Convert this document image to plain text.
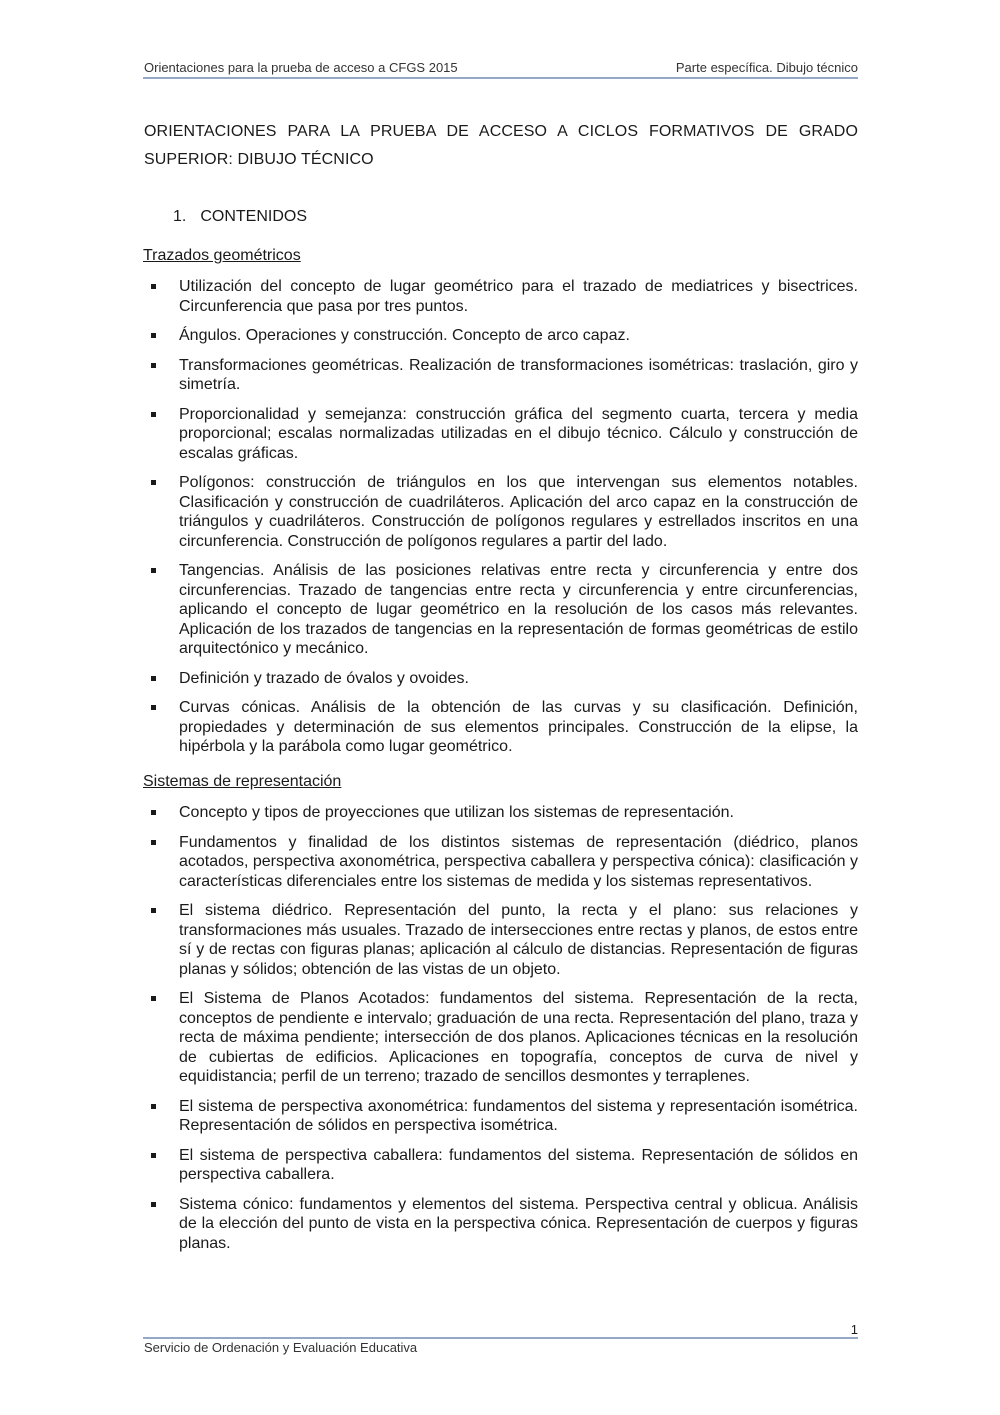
Orientaciones para la prueba de acceso a CFGS 2015	Parte específica. Dibujo técnico
ORIENTACIONES PARA LA PRUEBA DE ACCESO A CICLOS FORMATIVOS DE GRADO SUPERIOR: DIBUJO TÉCNICO
1. CONTENIDOS
Trazados geométricos
Utilización del concepto de lugar geométrico para el trazado de mediatrices y bisectrices. Circunferencia que pasa por tres puntos.
Ángulos. Operaciones y construcción. Concepto de arco capaz.
Transformaciones geométricas. Realización de transformaciones isométricas: traslación, giro y simetría.
Proporcionalidad y semejanza: construcción gráfica del segmento cuarta, tercera y media proporcional; escalas normalizadas utilizadas en el dibujo técnico. Cálculo y construcción de escalas gráficas.
Polígonos: construcción de triángulos en los que intervengan sus elementos notables. Clasificación y construcción de cuadriláteros. Aplicación del arco capaz en la construcción de triángulos y cuadriláteros. Construcción de polígonos regulares y estrellados inscritos en una circunferencia. Construcción de polígonos regulares a partir del lado.
Tangencias. Análisis de las posiciones relativas entre recta y circunferencia y entre dos circunferencias. Trazado de tangencias entre recta y circunferencia y entre circunferencias, aplicando el concepto de lugar geométrico en la resolución de los casos más relevantes. Aplicación de los trazados de tangencias en la representación de formas geométricas de estilo arquitectónico y mecánico.
Definición y trazado de óvalos y ovoides.
Curvas cónicas. Análisis de la obtención de las curvas y su clasificación. Definición, propiedades y determinación de sus elementos principales. Construcción de la elipse, la hipérbola y la parábola como lugar geométrico.
Sistemas de representación
Concepto y tipos de proyecciones que utilizan los sistemas de representación.
Fundamentos y finalidad de los distintos sistemas de representación (diédrico, planos acotados, perspectiva axonométrica, perspectiva caballera y perspectiva cónica): clasificación y características diferenciales entre los sistemas de medida y los sistemas representativos.
El sistema diédrico. Representación del punto, la recta y el plano: sus relaciones y transformaciones más usuales. Trazado de intersecciones entre rectas y planos, de estos entre sí y de rectas con figuras planas; aplicación al cálculo de distancias. Representación de figuras planas y sólidos; obtención de las vistas de un objeto.
El Sistema de Planos Acotados: fundamentos del sistema. Representación de la recta, conceptos de pendiente e intervalo; graduación de una recta. Representación del plano, traza y recta de máxima pendiente; intersección de dos planos. Aplicaciones técnicas en la resolución de cubiertas de edificios. Aplicaciones en topografía, conceptos de curva de nivel y equidistancia; perfil de un terreno; trazado de sencillos desmontes y terraplenes.
El sistema de perspectiva axonométrica: fundamentos del sistema y representación isométrica. Representación de sólidos en perspectiva isométrica.
El sistema de perspectiva caballera: fundamentos del sistema. Representación de sólidos en perspectiva caballera.
Sistema cónico: fundamentos y elementos del sistema. Perspectiva central y oblicua. Análisis de la elección del punto de vista en la perspectiva cónica. Representación de cuerpos y figuras planas.
1
Servicio de Ordenación y Evaluación Educativa
